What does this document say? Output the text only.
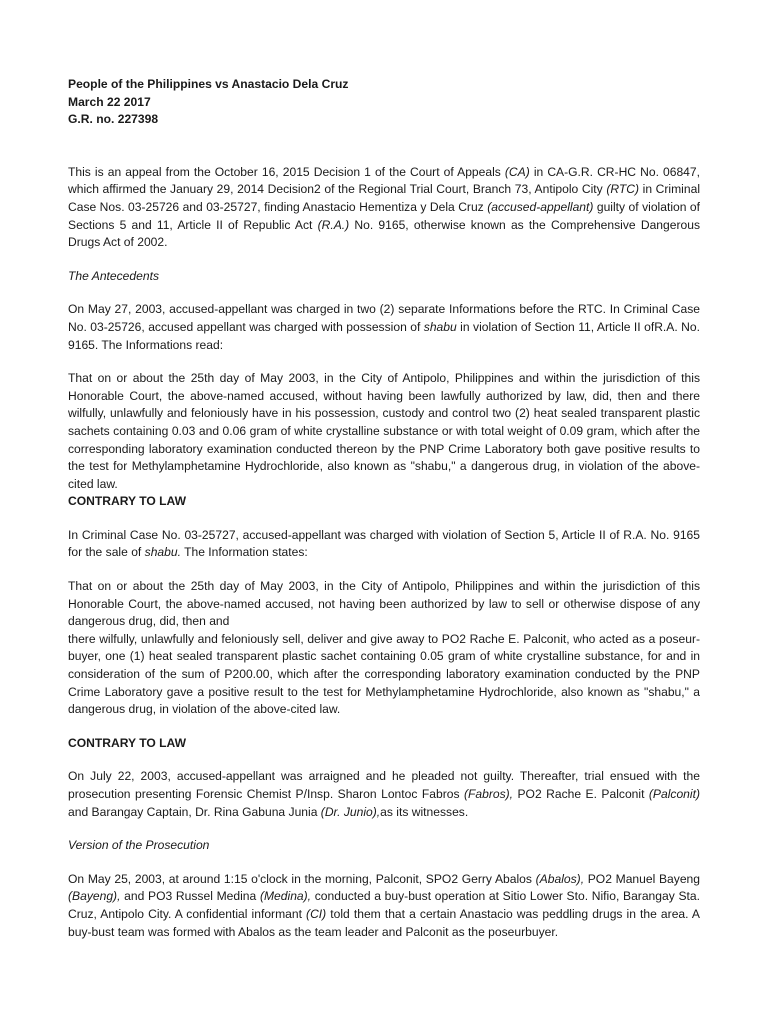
People of the Philippines vs Anastacio Dela Cruz
March 22 2017
G.R. no. 227398

This is an appeal from the October 16, 2015 Decision 1 of the Court of Appeals (CA) in CA-G.R. CR-HC No. 06847, which affirmed the January 29, 2014 Decision2 of the Regional Trial Court, Branch 73, Antipolo City (RTC) in Criminal Case Nos. 03-25726 and 03-25727, finding Anastacio Hementiza y Dela Cruz (accused-appellant) guilty of violation of Sections 5 and 11, Article II of Republic Act (R.A.) No. 9165, otherwise known as the Comprehensive Dangerous Drugs Act of 2002.

The Antecedents

On May 27, 2003, accused-appellant was charged in two (2) separate Informations before the RTC. In Criminal Case No. 03-25726, accused appellant was charged with possession of shabu in violation of Section 11, Article II ofR.A. No. 9165. The Informations read:

That on or about the 25th day of May 2003, in the City of Antipolo, Philippines and within the jurisdiction of this Honorable Court, the above-named accused, without having been lawfully authorized by law, did, then and there wilfully, unlawfully and feloniously have in his possession, custody and control two (2) heat sealed transparent plastic sachets containing 0.03 and 0.06 gram of white crystalline substance or with total weight of 0.09 gram, which after the corresponding laboratory examination conducted thereon by the PNP Crime Laboratory both gave positive results to the test for Methylamphetamine Hydrochloride, also known as "shabu," a dangerous drug, in violation of the above-cited law.

CONTRARY TO LAW

In Criminal Case No. 03-25727, accused-appellant was charged with violation of Section 5, Article II of R.A. No. 9165 for the sale of shabu. The Information states:

That on or about the 25th day of May 2003, in the City of Antipolo, Philippines and within the jurisdiction of this Honorable Court, the above-named accused, not having been authorized by law to sell or otherwise dispose of any dangerous drug, did, then and

there wilfully, unlawfully and feloniously sell, deliver and give away to PO2 Rache E. Palconit, who acted as a poseur-buyer, one (1) heat sealed transparent plastic sachet containing 0.05 gram of white crystalline substance, for and in consideration of the sum of P200.00, which after the corresponding laboratory examination conducted by the PNP Crime Laboratory gave a positive result to the test for Methylamphetamine Hydrochloride, also known as "shabu," a dangerous drug, in violation of the above-cited law.

CONTRARY TO LAW

On July 22, 2003, accused-appellant was arraigned and he pleaded not guilty. Thereafter, trial ensued with the prosecution presenting Forensic Chemist P/Insp. Sharon Lontoc Fabros (Fabros), PO2 Rache E. Palconit (Palconit) and Barangay Captain, Dr. Rina Gabuna Junia (Dr. Junio),as its witnesses.

Version of the Prosecution

On May 25, 2003, at around 1:15 o'clock in the morning, Palconit, SPO2 Gerry Abalos (Abalos), PO2 Manuel Bayeng (Bayeng), and PO3 Russel Medina (Medina), conducted a buy-bust operation at Sitio Lower Sto. Nifio, Barangay Sta. Cruz, Antipolo City. A confidential informant (CI) told them that a certain Anastacio was peddling drugs in the area. A buy-bust team was formed with Abalos as the team leader and Palconit as the poseurbuyer.
